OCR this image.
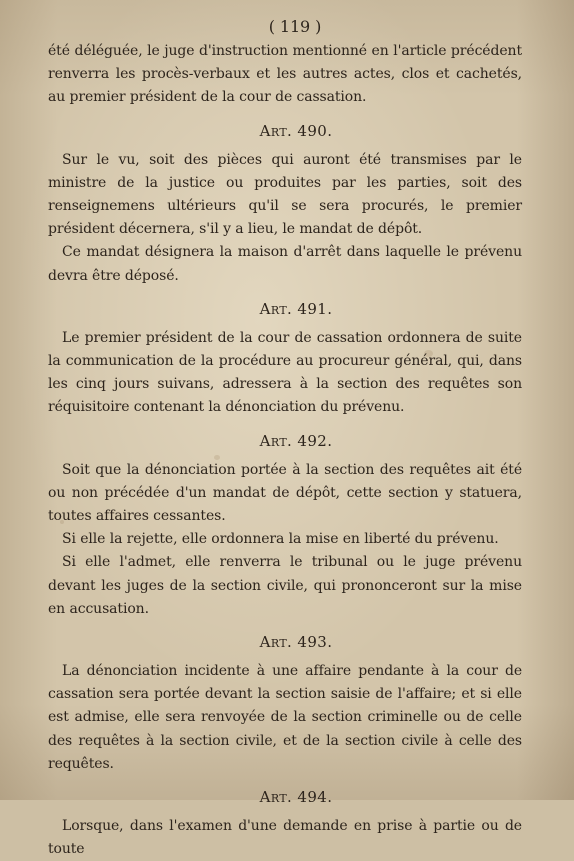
( 119 )

été déléguée, le juge d'instruction mentionné en l'article précédent renverra les procès-verbaux et les autres actes, clos et cachetés, au premier président de la cour de cassation.

Art. 490.

Sur le vu, soit des pièces qui auront été transmises par le ministre de la justice ou produites par les parties, soit des renseignemens ultérieurs qu'il se sera procurés, le premier président décernera, s'il y a lieu, le mandat de dépôt.

Ce mandat désignera la maison d'arrêt dans laquelle le prévenu devra être déposé.

Art. 491.

Le premier président de la cour de cassation ordonnera de suite la communication de la procédure au procureur général, qui, dans les cinq jours suivans, adressera à la section des requêtes son réquisitoire contenant la dénonciation du prévenu.

Art. 492.

Soit que la dénonciation portée à la section des requêtes ait été ou non précédée d'un mandat de dépôt, cette section y statuera, toutes affaires cessantes.

Si elle la rejette, elle ordonnera la mise en liberté du prévenu.

Si elle l'admet, elle renverra le tribunal ou le juge prévenu devant les juges de la section civile, qui prononceront sur la mise en accusation.

Art. 493.

La dénonciation incidente à une affaire pendante à la cour de cassation sera portée devant la section saisie de l'affaire; et si elle est admise, elle sera renvoyée de la section criminelle ou de celle des requêtes à la section civile, et de la section civile à celle des requêtes.

Art. 494.

Lorsque, dans l'examen d'une demande en prise à partie ou de toute
